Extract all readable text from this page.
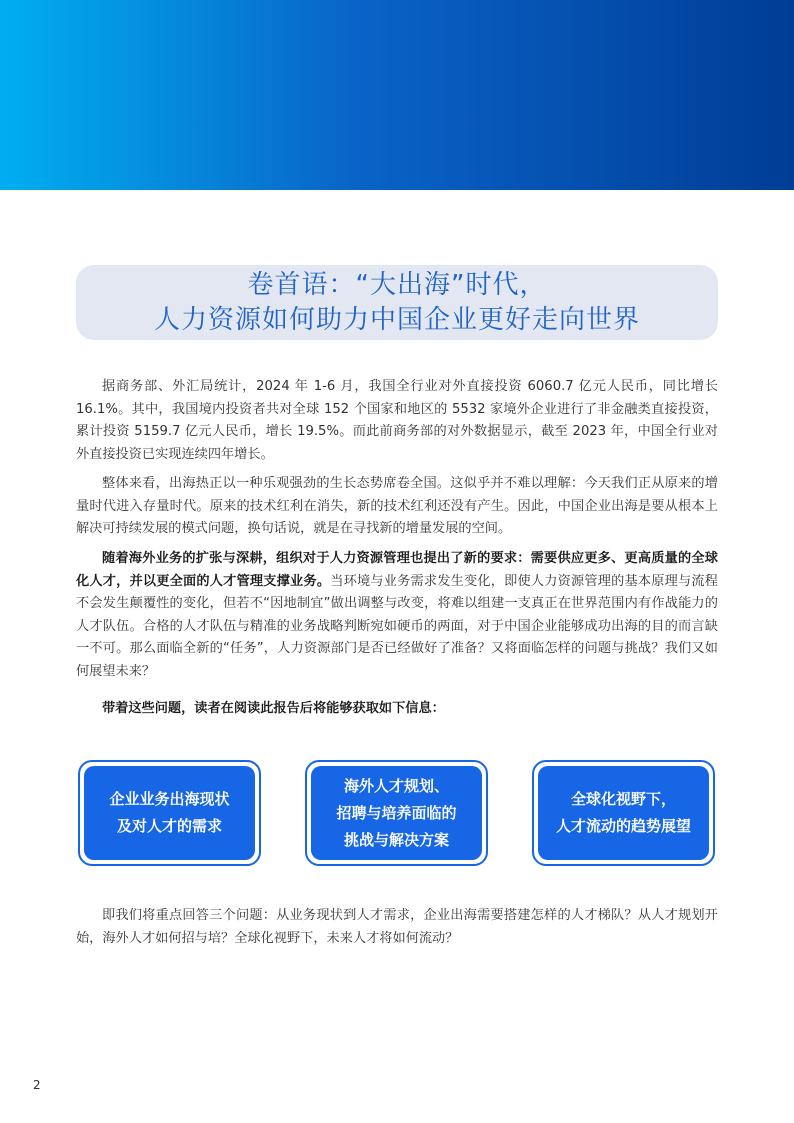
卷首语：“大出海”时代，
人力资源如何助力中国企业更好走向世界

据商务部、外汇局统计，2024 年 1-6 月，我国全行业对外直接投资 6060.7 亿元人民币，同比增长 16.1%。其中，我国境内投资者共对全球 152 个国家和地区的 5532 家境外企业进行了非金融类直接投资，累计投资 5159.7 亿元人民币，增长 19.5%。而此前商务部的对外数据显示，截至 2023 年，中国全行业对外直接投资已实现连续四年增长。

整体来看，出海热正以一种乐观强劲的生长态势席卷全国。这似乎并不难以理解：今天我们正从原来的增量时代进入存量时代。原来的技术红利在消失，新的技术红利还没有产生。因此，中国企业出海是要从根本上解决可持续发展的模式问题，换句话说，就是在寻找新的增量发展的空间。

随着海外业务的扩张与深耕，组织对于人力资源管理也提出了新的要求：需要供应更多、更高质量的全球化人才，并以更全面的人才管理支撑业务。当环境与业务需求发生变化，即使人力资源管理的基本原理与流程不会发生颠覆性的变化，但若不“因地制宜”做出调整与改变，将难以组建一支真正在世界范围内有作战能力的人才队伍。合格的人才队伍与精准的业务战略判断宛如硬币的两面，对于中国企业能够成功出海的目的而言缺一不可。那么面临全新的“任务”，人力资源部门是否已经做好了准备？又将面临怎样的问题与挑战？我们又如何展望未来？

带着这些问题，读者在阅读此报告后将能够获取如下信息：

企业业务出海现状
及对人才的需求
海外人才规划、
招聘与培养面临的
挑战与解决方案
全球化视野下，
人才流动的趋势展望

即我们将重点回答三个问题：从业务现状到人才需求，企业出海需要搭建怎样的人才梯队？从人才规划开始，海外人才如何招与培？全球化视野下，未来人才将如何流动？

2
